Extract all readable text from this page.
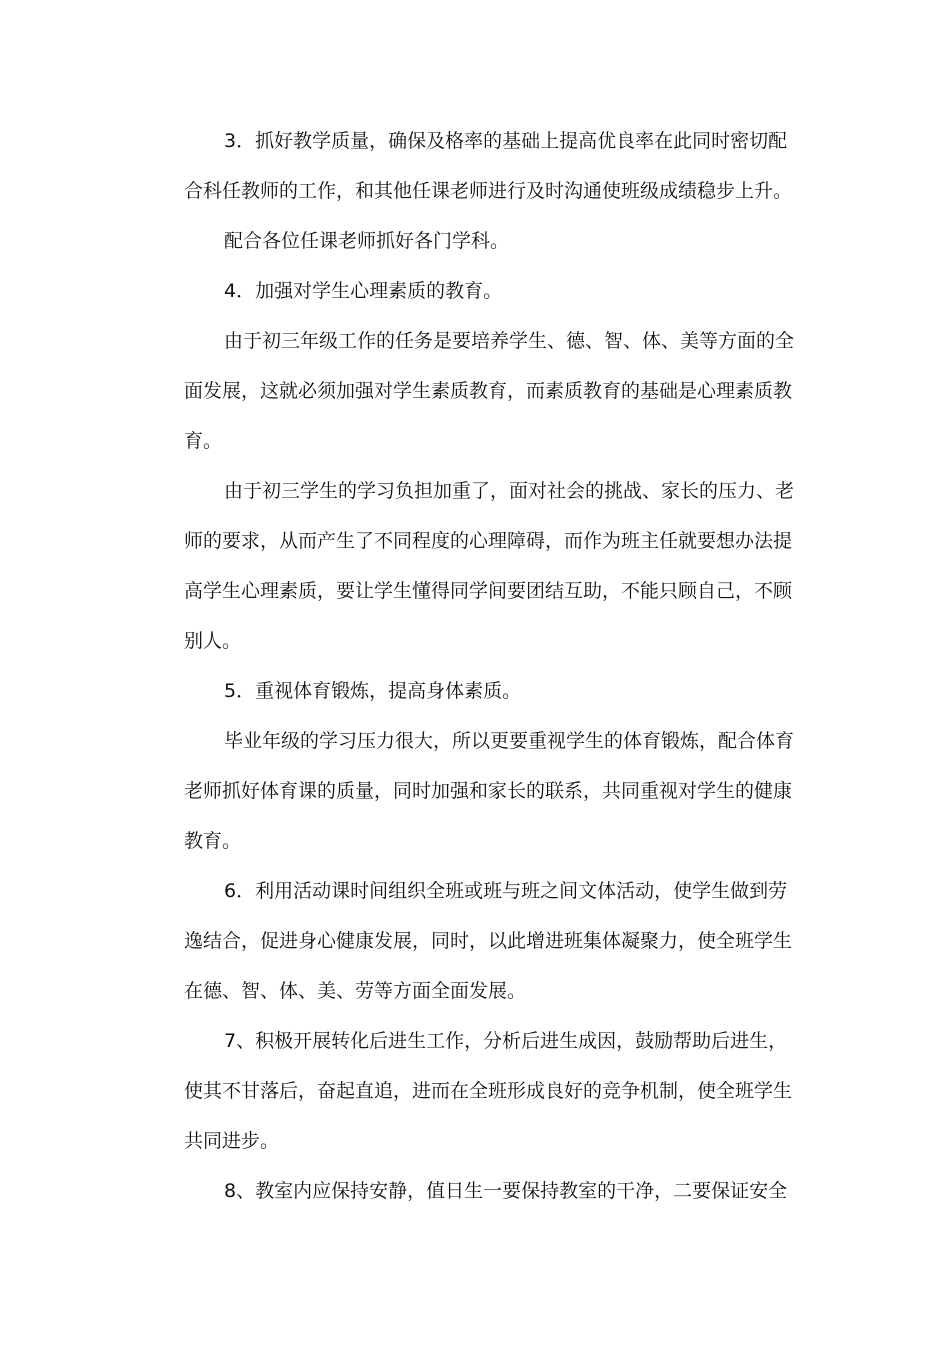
3．抓好教学质量，确保及格率的基础上提高优良率在此同时密切配
合科任教师的工作，和其他任课老师进行及时沟通使班级成绩稳步上升。
配合各位任课老师抓好各门学科。
4．加强对学生心理素质的教育。
由于初三年级工作的任务是要培养学生、德、智、体、美等方面的全
面发展，这就必须加强对学生素质教育，而素质教育的基础是心理素质教
育。
由于初三学生的学习负担加重了，面对社会的挑战、家长的压力、老
师的要求，从而产生了不同程度的心理障碍，而作为班主任就要想办法提
高学生心理素质，要让学生懂得同学间要团结互助，不能只顾自己，不顾
别人。
5．重视体育锻炼，提高身体素质。
毕业年级的学习压力很大，所以更要重视学生的体育锻炼，配合体育
老师抓好体育课的质量，同时加强和家长的联系，共同重视对学生的健康
教育。
6．利用活动课时间组织全班或班与班之间文体活动，使学生做到劳
逸结合，促进身心健康发展，同时，以此增进班集体凝聚力，使全班学生
在德、智、体、美、劳等方面全面发展。
7、积极开展转化后进生工作，分析后进生成因，鼓励帮助后进生，
使其不甘落后，奋起直追，进而在全班形成良好的竞争机制，使全班学生
共同进步。
8、教室内应保持安静，值日生一要保持教室的干净，二要保证安全
